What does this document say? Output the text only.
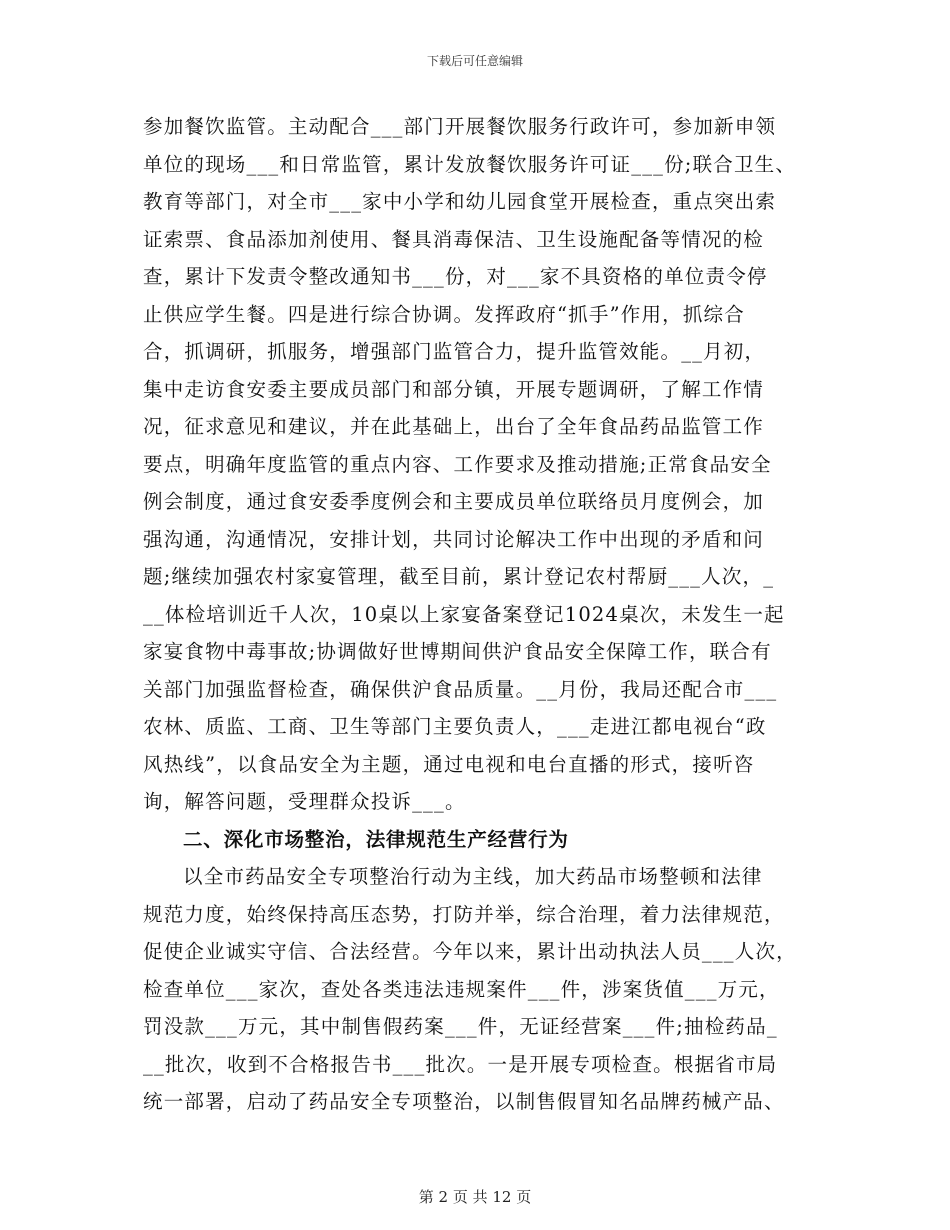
下载后可任意编辑
参加餐饮监管。主动配合___部门开展餐饮服务行政许可，参加新申领
单位的现场___和日常监管，累计发放餐饮服务许可证___份;联合卫生、
教育等部门，对全市___家中小学和幼儿园食堂开展检查，重点突出索
证索票、食品添加剂使用、餐具消毒保洁、卫生设施配备等情况的检
查，累计下发责令整改通知书___份，对___家不具资格的单位责令停
止供应学生餐。四是进行综合协调。发挥政府“抓手”作用，抓综合
合，抓调研，抓服务，增强部门监管合力，提升监管效能。__月初，
集中走访食安委主要成员部门和部分镇，开展专题调研，了解工作情
况，征求意见和建议，并在此基础上，出台了全年食品药品监管工作
要点，明确年度监管的重点内容、工作要求及推动措施;正常食品安全
例会制度，通过食安委季度例会和主要成员单位联络员月度例会，加
强沟通，沟通情况，安排计划，共同讨论解决工作中出现的矛盾和问
题;继续加强农村家宴管理，截至目前，累计登记农村帮厨___人次，_
__体检培训近千人次，10桌以上家宴备案登记1024桌次，未发生一起
家宴食物中毒事故;协调做好世博期间供沪食品安全保障工作，联合有
关部门加强监督检查，确保供沪食品质量。__月份，我局还配合市___
农林、质监、工商、卫生等部门主要负责人，___走进江都电视台“政
风热线”，以食品安全为主题，通过电视和电台直播的形式，接听咨
询，解答问题，受理群众投诉___。
二、深化市场整治，法律规范生产经营行为
以全市药品安全专项整治行动为主线，加大药品市场整顿和法律
规范力度，始终保持高压态势，打防并举，综合治理，着力法律规范，
促使企业诚实守信、合法经营。今年以来，累计出动执法人员___人次，
检查单位___家次，查处各类违法违规案件___件，涉案货值___万元，
罚没款___万元，其中制售假药案___件，无证经营案___件;抽检药品_
__批次，收到不合格报告书___批次。一是开展专项检查。根据省市局
统一部署，启动了药品安全专项整治，以制售假冒知名品牌药械产品、
第 2 页 共 12 页
